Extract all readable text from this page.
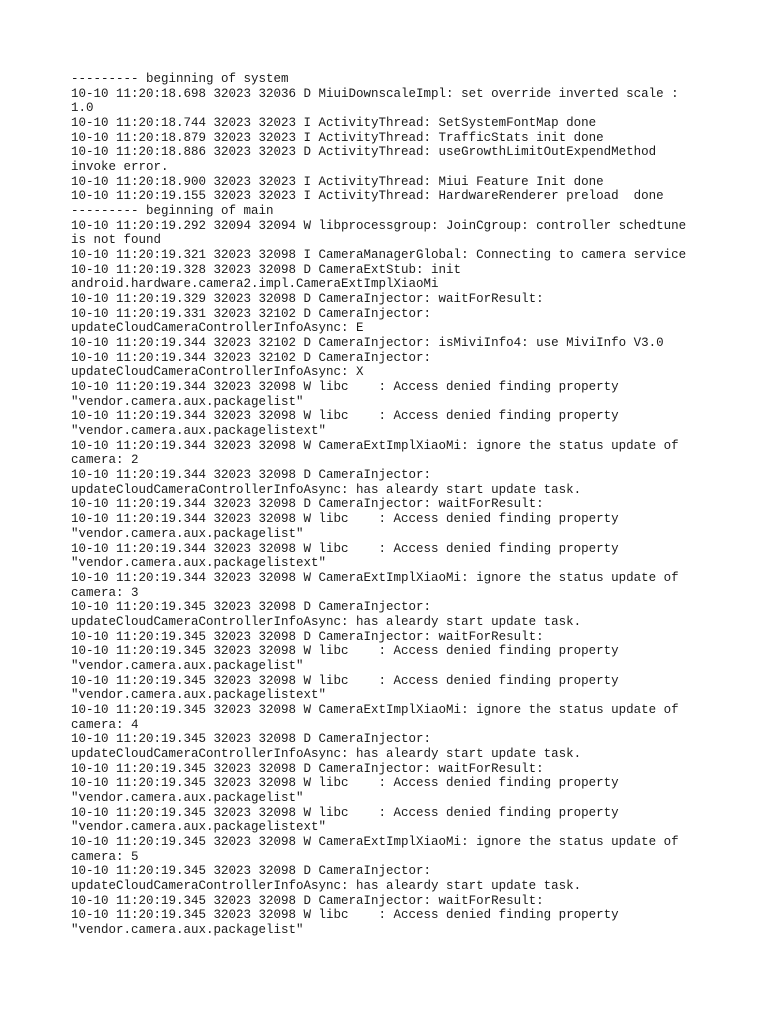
--------- beginning of system
10-10 11:20:18.698 32023 32036 D MiuiDownscaleImpl: set override inverted scale :
1.0
10-10 11:20:18.744 32023 32023 I ActivityThread: SetSystemFontMap done
10-10 11:20:18.879 32023 32023 I ActivityThread: TrafficStats init done
10-10 11:20:18.886 32023 32023 D ActivityThread: useGrowthLimitOutExpendMethod
invoke error.
10-10 11:20:18.900 32023 32023 I ActivityThread: Miui Feature Init done
10-10 11:20:19.155 32023 32023 I ActivityThread: HardwareRenderer preload  done
--------- beginning of main
10-10 11:20:19.292 32094 32094 W libprocessgroup: JoinCgroup: controller schedtune
is not found
10-10 11:20:19.321 32023 32098 I CameraManagerGlobal: Connecting to camera service
10-10 11:20:19.328 32023 32098 D CameraExtStub: init
android.hardware.camera2.impl.CameraExtImplXiaoMi
10-10 11:20:19.329 32023 32098 D CameraInjector: waitForResult:
10-10 11:20:19.331 32023 32102 D CameraInjector:
updateCloudCameraControllerInfoAsync: E
10-10 11:20:19.344 32023 32102 D CameraInjector: isMiviInfo4: use MiviInfo V3.0
10-10 11:20:19.344 32023 32102 D CameraInjector:
updateCloudCameraControllerInfoAsync: X
10-10 11:20:19.344 32023 32098 W libc    : Access denied finding property
"vendor.camera.aux.packagelist"
10-10 11:20:19.344 32023 32098 W libc    : Access denied finding property
"vendor.camera.aux.packagelistext"
10-10 11:20:19.344 32023 32098 W CameraExtImplXiaoMi: ignore the status update of
camera: 2
10-10 11:20:19.344 32023 32098 D CameraInjector:
updateCloudCameraControllerInfoAsync: has aleardy start update task.
10-10 11:20:19.344 32023 32098 D CameraInjector: waitForResult:
10-10 11:20:19.344 32023 32098 W libc    : Access denied finding property
"vendor.camera.aux.packagelist"
10-10 11:20:19.344 32023 32098 W libc    : Access denied finding property
"vendor.camera.aux.packagelistext"
10-10 11:20:19.344 32023 32098 W CameraExtImplXiaoMi: ignore the status update of
camera: 3
10-10 11:20:19.345 32023 32098 D CameraInjector:
updateCloudCameraControllerInfoAsync: has aleardy start update task.
10-10 11:20:19.345 32023 32098 D CameraInjector: waitForResult:
10-10 11:20:19.345 32023 32098 W libc    : Access denied finding property
"vendor.camera.aux.packagelist"
10-10 11:20:19.345 32023 32098 W libc    : Access denied finding property
"vendor.camera.aux.packagelistext"
10-10 11:20:19.345 32023 32098 W CameraExtImplXiaoMi: ignore the status update of
camera: 4
10-10 11:20:19.345 32023 32098 D CameraInjector:
updateCloudCameraControllerInfoAsync: has aleardy start update task.
10-10 11:20:19.345 32023 32098 D CameraInjector: waitForResult:
10-10 11:20:19.345 32023 32098 W libc    : Access denied finding property
"vendor.camera.aux.packagelist"
10-10 11:20:19.345 32023 32098 W libc    : Access denied finding property
"vendor.camera.aux.packagelistext"
10-10 11:20:19.345 32023 32098 W CameraExtImplXiaoMi: ignore the status update of
camera: 5
10-10 11:20:19.345 32023 32098 D CameraInjector:
updateCloudCameraControllerInfoAsync: has aleardy start update task.
10-10 11:20:19.345 32023 32098 D CameraInjector: waitForResult:
10-10 11:20:19.345 32023 32098 W libc    : Access denied finding property
"vendor.camera.aux.packagelist"
